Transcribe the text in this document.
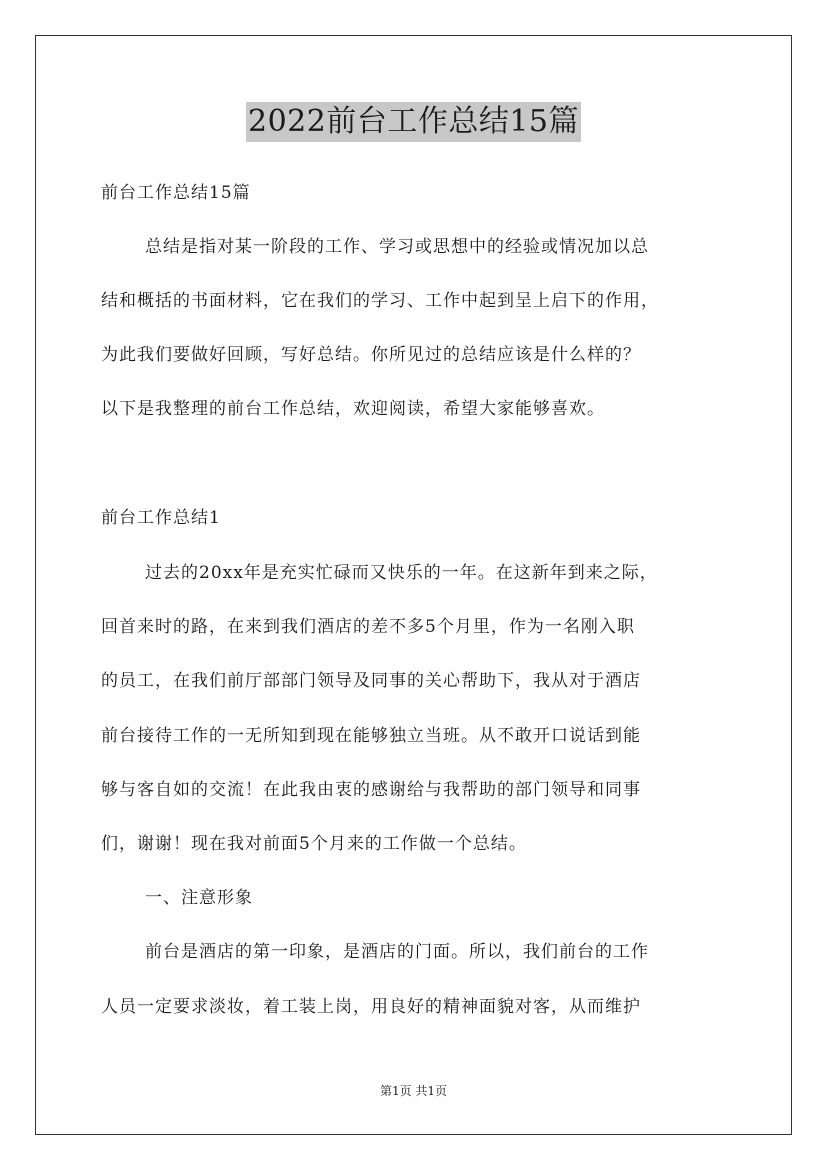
2022前台工作总结15篇
前台工作总结15篇
总结是指对某一阶段的工作、学习或思想中的经验或情况加以总
结和概括的书面材料，它在我们的学习、工作中起到呈上启下的作用，
为此我们要做好回顾，写好总结。你所见过的总结应该是什么样的？
以下是我整理的前台工作总结，欢迎阅读，希望大家能够喜欢。
前台工作总结1
过去的20xx年是充实忙碌而又快乐的一年。在这新年到来之际，
回首来时的路，在来到我们酒店的差不多5个月里，作为一名刚入职
的员工，在我们前厅部部门领导及同事的关心帮助下，我从对于酒店
前台接待工作的一无所知到现在能够独立当班。从不敢开口说话到能
够与客自如的交流！在此我由衷的感谢给与我帮助的部门领导和同事
们，谢谢！现在我对前面5个月来的工作做一个总结。
一、注意形象
前台是酒店的第一印象，是酒店的门面。所以，我们前台的工作
人员一定要求淡妆，着工装上岗，用良好的精神面貌对客，从而维护
第1页 共1页
